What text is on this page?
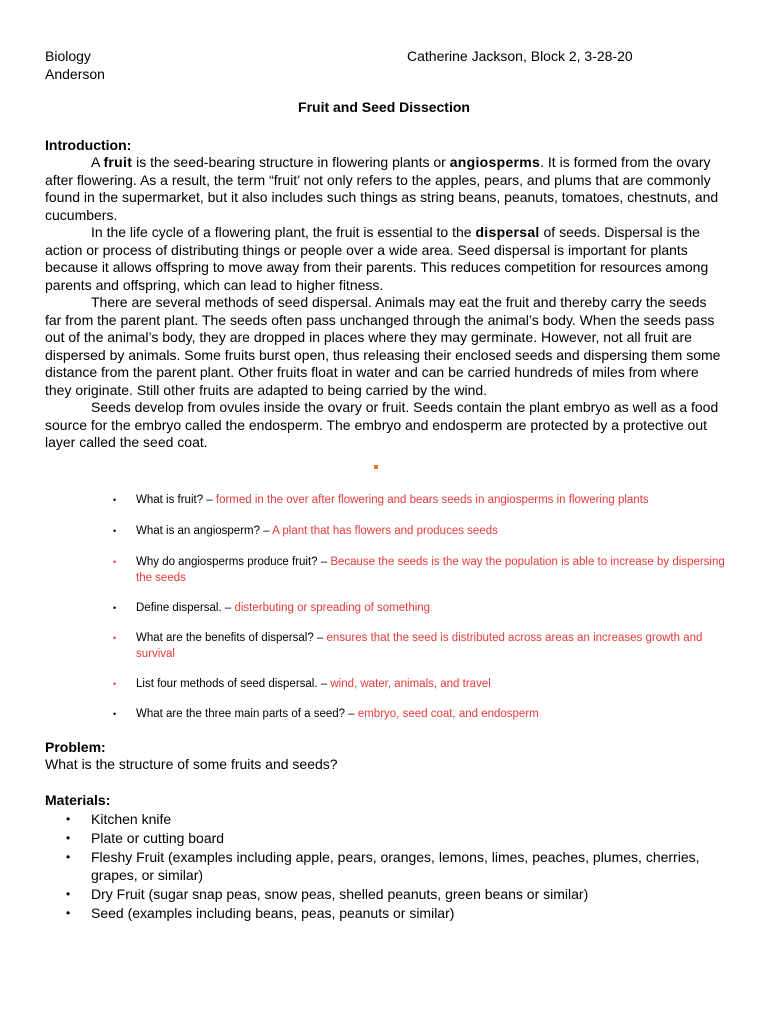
Biology
Anderson
Catherine Jackson, Block 2, 3-28-20
Fruit and Seed Dissection
Introduction:

A fruit is the seed-bearing structure in flowering plants or angiosperms. It is formed from the ovary after flowering. As a result, the term “fruit’ not only refers to the apples, pears, and plums that are commonly found in the supermarket, but it also includes such things as string beans, peanuts, tomatoes, chestnuts, and cucumbers.

In the life cycle of a flowering plant, the fruit is essential to the dispersal of seeds. Dispersal is the action or process of distributing things or people over a wide area. Seed dispersal is important for plants because it allows offspring to move away from their parents. This reduces competition for resources among parents and offspring, which can lead to higher fitness.

There are several methods of seed dispersal. Animals may eat the fruit and thereby carry the seeds far from the parent plant. The seeds often pass unchanged through the animal’s body. When the seeds pass out of the animal’s body, they are dropped in places where they may germinate. However, not all fruit are dispersed by animals. Some fruits burst open, thus releasing their enclosed seeds and dispersing them some distance from the parent plant. Other fruits float in water and can be carried hundreds of miles from where they originate. Still other fruits are adapted to being carried by the wind.

Seeds develop from ovules inside the ovary or fruit. Seeds contain the plant embryo as well as a food source for the embryo called the endosperm. The embryo and endosperm are protected by a protective out layer called the seed coat.

• What is fruit? – formed in the over after flowering and bears seeds in angiosperms in flowering plants
• What is an angiosperm? – A plant that has flowers and produces seeds
• Why do angiosperms produce fruit? – Because the seeds is the way the population is able to increase by dispersing the seeds
• Define dispersal. – disterbuting or spreading of something
• What are the benefits of dispersal? – ensures that the seed is distributed across areas an increases growth and survival
• List four methods of seed dispersal. – wind, water, animals, and travel
• What are the three main parts of a seed? – embryo, seed coat, and endosperm
Problem:
What is the structure of some fruits and seeds?
Materials:
• Kitchen knife
• Plate or cutting board
• Fleshy Fruit (examples including apple, pears, oranges, lemons, limes, peaches, plumes, cherries, grapes, or similar)
• Dry Fruit (sugar snap peas, snow peas, shelled peanuts, green beans or similar)
• Seed (examples including beans, peas, peanuts or similar)
